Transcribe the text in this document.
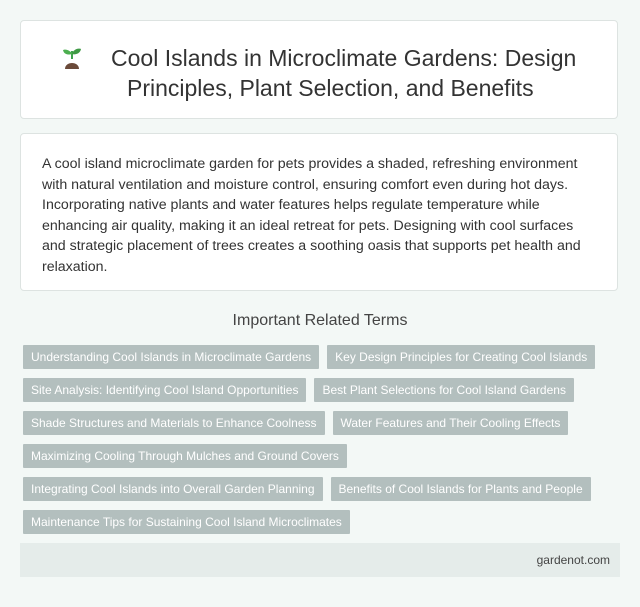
Cool Islands in Microclimate Gardens: Design Principles, Plant Selection, and Benefits

A cool island microclimate garden for pets provides a shaded, refreshing environment with natural ventilation and moisture control, ensuring comfort even during hot days. Incorporating native plants and water features helps regulate temperature while enhancing air quality, making it an ideal retreat for pets. Designing with cool surfaces and strategic placement of trees creates a soothing oasis that supports pet health and relaxation.

Important Related Terms
Understanding Cool Islands in Microclimate Gardens	Key Design Principles for Creating Cool Islands
Site Analysis: Identifying Cool Island Opportunities	Best Plant Selections for Cool Island Gardens
Shade Structures and Materials to Enhance Coolness	Water Features and Their Cooling Effects
Maximizing Cooling Through Mulches and Ground Covers
Integrating Cool Islands into Overall Garden Planning	Benefits of Cool Islands for Plants and People
Maintenance Tips for Sustaining Cool Island Microclimates
gardenot.com
